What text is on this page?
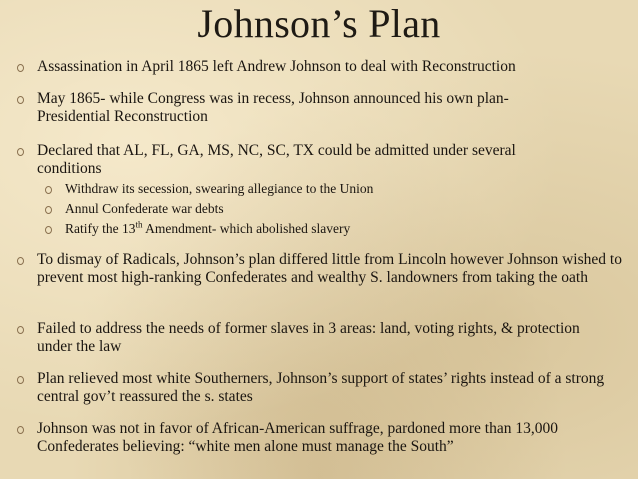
Johnson’s Plan
Assassination in April 1865 left Andrew Johnson to deal with Reconstruction
May 1865- while Congress was in recess, Johnson announced his own plan- Presidential Reconstruction
Declared that AL, FL, GA, MS, NC, SC, TX could be admitted under several conditions
Withdraw its secession, swearing allegiance to the Union
Annul Confederate war debts
Ratify the 13th Amendment- which abolished slavery
To dismay of Radicals, Johnson’s plan differed little from Lincoln however Johnson wished to prevent most high-ranking Confederates and wealthy S. landowners from taking the oath
Failed to address the needs of former slaves in 3 areas: land, voting rights, & protection under the law
Plan relieved most white Southerners, Johnson’s support of states’ rights instead of a strong central gov’t reassured the s. states
Johnson was not in favor of African-American suffrage, pardoned more than 13,000 Confederates believing: “white men alone must manage the South”
